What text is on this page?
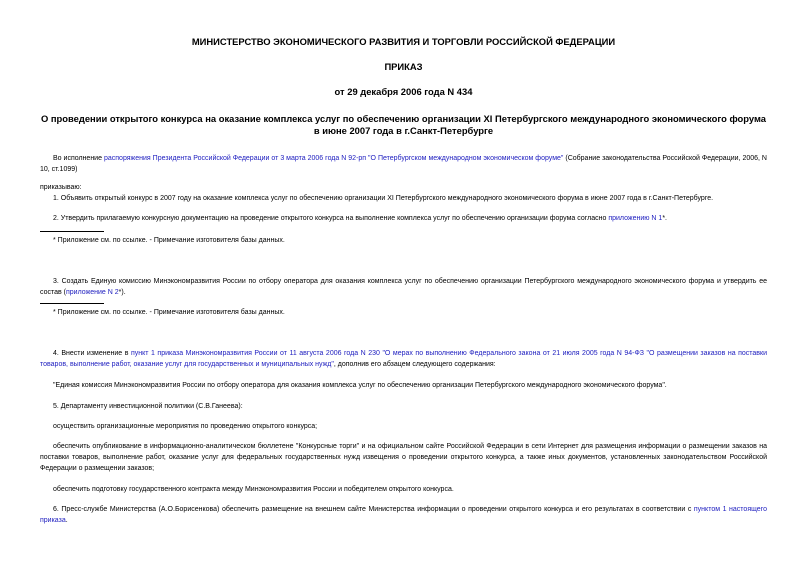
МИНИСТЕРСТВО ЭКОНОМИЧЕСКОГО РАЗВИТИЯ И ТОРГОВЛИ РОССИЙСКОЙ ФЕДЕРАЦИИ
ПРИКАЗ
от 29 декабря 2006 года N 434
О проведении открытого конкурса на оказание комплекса услуг по обеспечению организации XI Петербургского международного экономического форума в июне 2007 года в г.Санкт-Петербурге
Во исполнение распоряжения Президента Российской Федерации от 3 марта 2006 года N 92-рп "О Петербургском международном экономическом форуме" (Собрание законодательства Российской Федерации, 2006, N 10, ст.1099)
приказываю:
1. Объявить открытый конкурс в 2007 году на оказание комплекса услуг по обеспечению организации XI Петербургского международного экономического форума в июне 2007 года в г.Санкт-Петербурге.
2. Утвердить прилагаемую конкурсную документацию на проведение открытого конкурса на выполнение комплекса услуг по обеспечению организации форума согласно приложению N 1*.
* Приложение см. по ссылке. - Примечание изготовителя базы данных.
3. Создать Единую комиссию Минэкономразвития России по отбору оператора для оказания комплекса услуг по обеспечению организации Петербургского международного экономического форума и утвердить ее состав (приложение N 2*).
* Приложение см. по ссылке. - Примечание изготовителя базы данных.
4. Внести изменение в пункт 1 приказа Минэкономразвития России от 11 августа 2006 года N 230 "О мерах по выполнению Федерального закона от 21 июля 2005 года N 94-ФЗ "О размещении заказов на поставки товаров, выполнение работ, оказание услуг для государственных и муниципальных нужд", дополнив его абзацем следующего содержания:
"Единая комиссия Минэкономразвития России по отбору оператора для оказания комплекса услуг по обеспечению организации Петербургского международного экономического форума".
5. Департаменту инвестиционной политики (С.В.Ганеева):
осуществить организационные мероприятия по проведению открытого конкурса;
обеспечить опубликование в информационно-аналитическом бюллетене "Конкурсные торги" и на официальном сайте Российской Федерации в сети Интернет для размещения информации о размещении заказов на поставки товаров, выполнение работ, оказание услуг для федеральных государственных нужд извещения о проведении открытого конкурса, а также иных документов, установленных законодательством Российской Федерации о размещении заказов;
обеспечить подготовку государственного контракта между Минэкономразвития России и победителем открытого конкурса.
6. Пресс-службе Министерства (А.О.Борисенкова) обеспечить размещение на внешнем сайте Министерства информации о проведении открытого конкурса и его результатах в соответствии с пунктом 1 настоящего приказа.
